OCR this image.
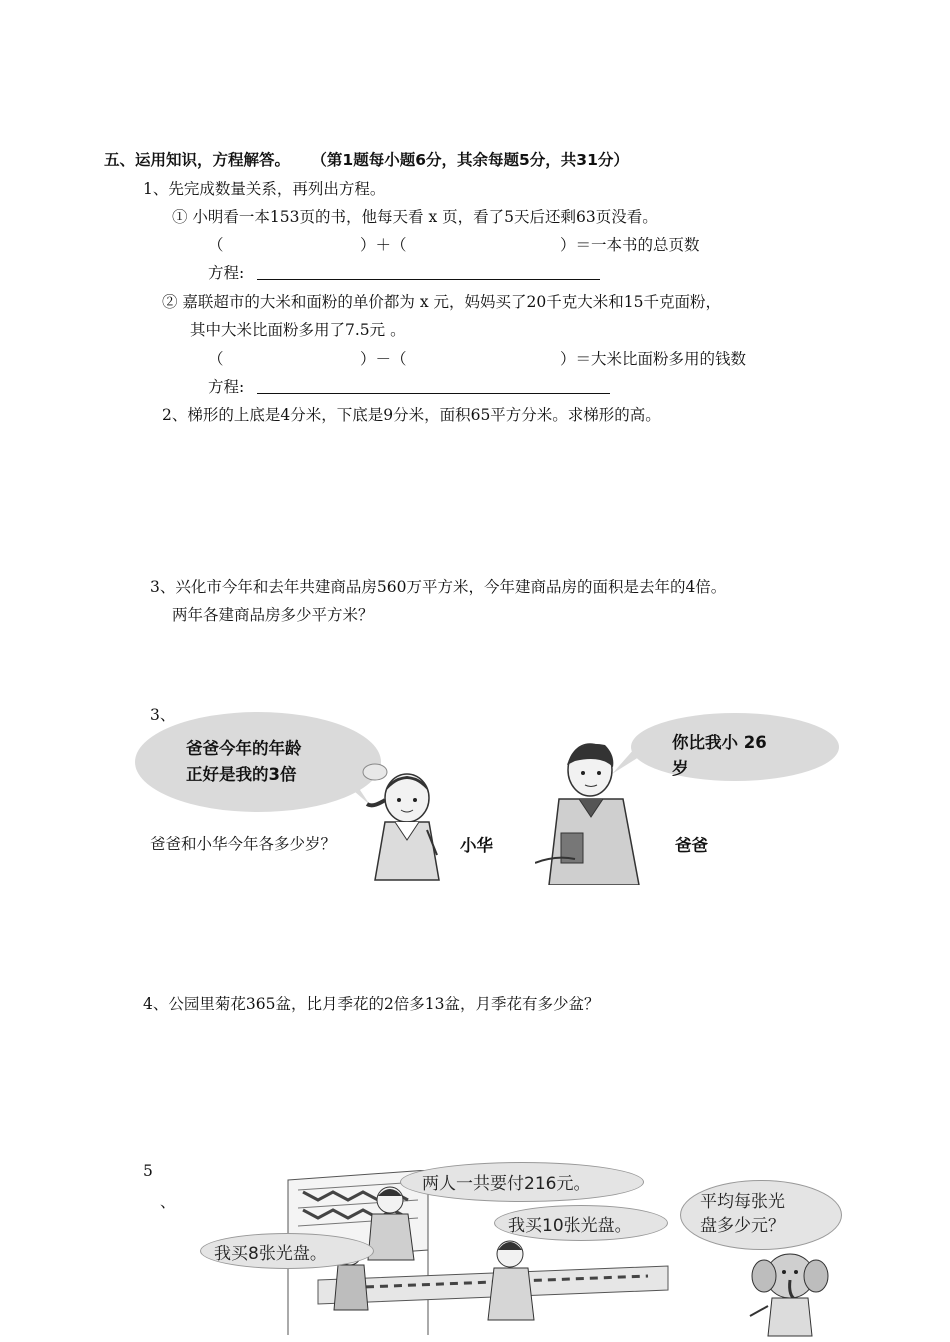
五、运用知识，方程解答。 （第1题每小题6分，其余每题5分，共31分）
1、先完成数量关系，再列出方程。
① 小明看一本153页的书，他每天看 x 页，看了5天后还剩63页没看。
（	）＋（	）＝一本书的总页数
方程:
② 嘉联超市的大米和面粉的单价都为 x 元，妈妈买了20千克大米和15千克面粉，
其中大米比面粉多用了7.5元 。
（	）－（	）＝大米比面粉多用的钱数
方程:
2、梯形的上底是4分米，下底是9分米，面积65平方分米。求梯形的高。
3、兴化市今年和去年共建商品房560万平方米，今年建商品房的面积是去年的4倍。
两年各建商品房多少平方米？
3、
爸爸今年的年龄
正好是我的3倍
你比我小 26
岁
爸爸和小华今年各多少岁？	小华	爸爸
4、公园里菊花365盆，比月季花的2倍多13盆，月季花有多少盆？
5
、
两人一共要付216元。
我买10张光盘。
我买8张光盘。
平均每张光
盘多少元？
